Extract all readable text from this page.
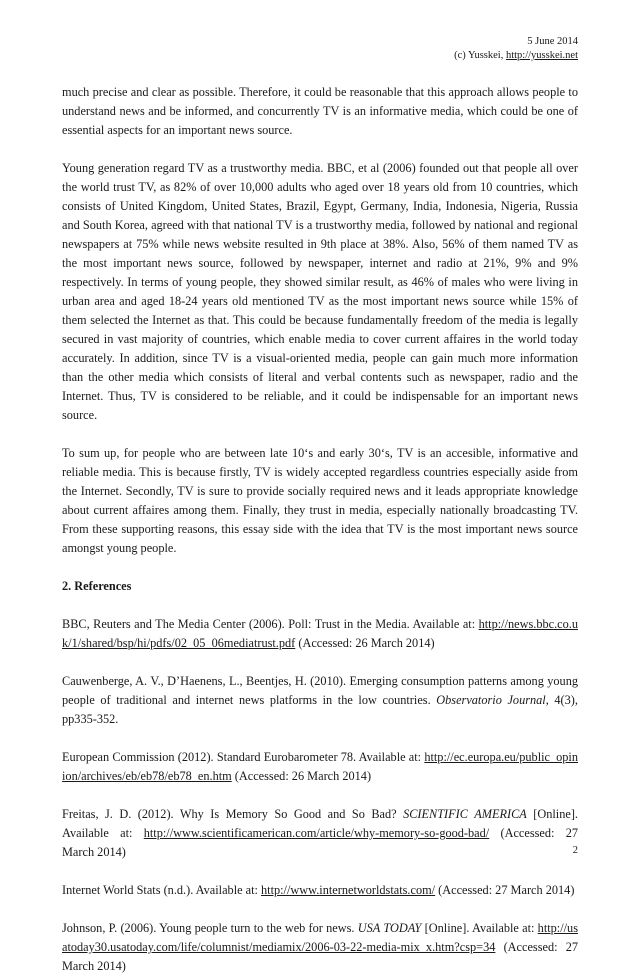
5 June 2014
(c) Yusskei, http://yusskei.net

much precise and clear as possible. Therefore, it could be reasonable that this approach allows people to understand news and be informed, and concurrently TV is an informative media, which could be one of essential aspects for an important news source.

Young generation regard TV as a trustworthy media. BBC, et al (2006) founded out that people all over the world trust TV, as 82% of over 10,000 adults who aged over 18 years old from 10 countries, which consists of United Kingdom, United States, Brazil, Egypt, Germany, India, Indonesia, Nigeria, Russia and South Korea, agreed with that national TV is a trustworthy media, followed by national and regional newspapers at 75% while news website resulted in 9th place at 38%. Also, 56% of them named TV as the most important news source, followed by newspaper, internet and radio at 21%, 9% and 9% respectively. In terms of young people, they showed similar result, as 46% of males who were living in urban area and aged 18-24 years old mentioned TV as the most important news source while 15% of them selected the Internet as that. This could be because fundamentally freedom of the media is legally secured in vast majority of countries, which enable media to cover current affaires in the world today accurately. In addition, since TV is a visual-oriented media, people can gain much more information than the other media which consists of literal and verbal contents such as newspaper, radio and the Internet. Thus, TV is considered to be reliable, and it could be indispensable for an important news source.

To sum up, for people who are between late 10‘s and early 30‘s, TV is an accesible, informative and reliable media. This is because firstly, TV is widely accepted regardless countries especially aside from the Internet. Secondly, TV is sure to provide socially required news and it leads appropriate knowledge about current affaires among them. Finally, they trust in media, especially nationally broadcasting TV. From these supporting reasons, this essay side with the idea that TV is the most important news source amongst young people.

2. References

BBC, Reuters and The Media Center (2006). Poll: Trust in the Media. Available at: http://news.bbc.co.uk/1/shared/bsp/hi/pdfs/02_05_06mediatrust.pdf (Accessed: 26 March 2014)

Cauwenberge, A. V., D’Haenens, L., Beentjes, H. (2010). Emerging consumption patterns among young people of traditional and internet news platforms in the low countries. Observatorio Journal, 4(3), pp335-352.

European Commission (2012). Standard Eurobarometer 78. Available at: http://ec.europa.eu/public_opinion/archives/eb/eb78/eb78_en.htm (Accessed: 26 March 2014)

Freitas, J. D. (2012). Why Is Memory So Good and So Bad? SCIENTIFIC AMERICA [Online]. Available at: http://www.scientificamerican.com/article/why-memory-so-good-bad/ (Accessed: 27 March 2014)

Internet World Stats (n.d.). Available at: http://www.internetworldstats.com/ (Accessed: 27 March 2014)

Johnson, P. (2006). Young people turn to the web for news. USA TODAY [Online]. Available at: http://usatoday30.usatoday.com/life/columnist/mediamix/2006-03-22-media-mix_x.htm?csp=34 (Accessed: 27 March 2014)

2
